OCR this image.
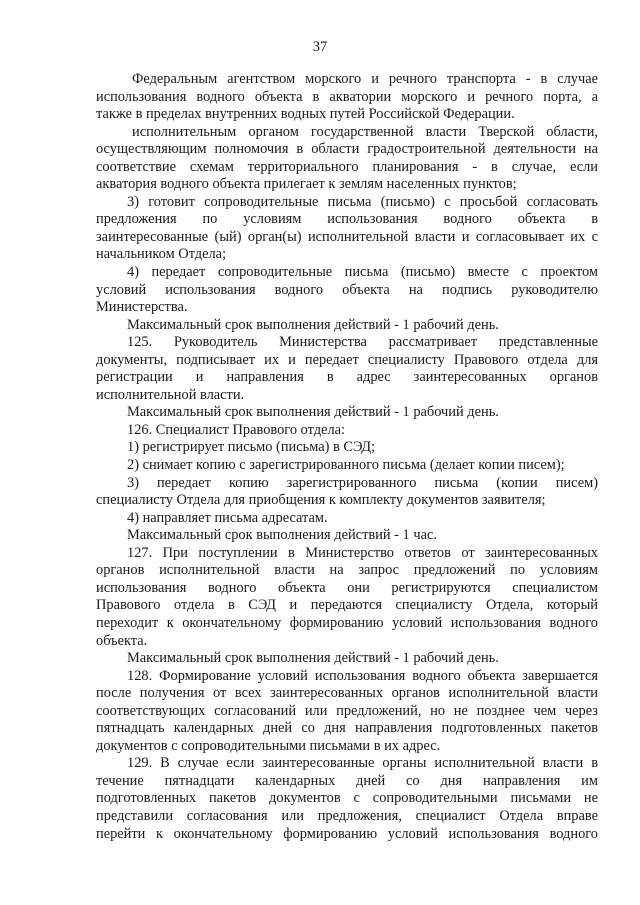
37
Федеральным агентством морского и речного транспорта - в случае
использования водного объекта в акватории морского и речного порта, а
также в пределах внутренних водных путей Российской Федерации.
исполнительным органом государственной власти Тверской области,
осуществляющим полномочия в области градостроительной деятельности на
соответствие схемам территориального планирования - в случае, если
акватория водного объекта прилегает к землям населенных пунктов;
3) готовит сопроводительные письма (письмо) с просьбой согласовать
предложения по условиям использования водного объекта в
заинтересованные (ый) орган(ы) исполнительной власти и согласовывает их с
начальником Отдела;
4) передает сопроводительные письма (письмо) вместе с проектом
условий использования водного объекта на подпись руководителю
Министерства.
Максимальный срок выполнения действий - 1 рабочий день.
125. Руководитель Министерства рассматривает представленные
документы, подписывает их и передает специалисту Правового отдела для
регистрации и направления в адрес заинтересованных органов
исполнительной власти.
Максимальный срок выполнения действий - 1 рабочий день.
126. Специалист Правового отдела:
1) регистрирует письмо (письма) в СЭД;
2) снимает копию с зарегистрированного письма (делает копии писем);
3) передает копию зарегистрированного письма (копии писем)
специалисту Отдела для приобщения к комплекту документов заявителя;
4) направляет письма адресатам.
Максимальный срок выполнения действий - 1 час.
127. При поступлении в Министерство ответов от заинтересованных
органов исполнительной власти на запрос предложений по условиям
использования водного объекта они регистрируются специалистом
Правового отдела в СЭД и передаются специалисту Отдела, который
переходит к окончательному формированию условий использования водного
объекта.
Максимальный срок выполнения действий - 1 рабочий день.
128. Формирование условий использования водного объекта завершается
после получения от всех заинтересованных органов исполнительной власти
соответствующих согласований или предложений, но не позднее чем через
пятнадцать календарных дней со дня направления подготовленных пакетов
документов с сопроводительными письмами в их адрес.
129. В случае если заинтересованные органы исполнительной власти в
течение пятнадцати календарных дней со дня направления им
подготовленных пакетов документов с сопроводительными письмами не
представили согласования или предложения, специалист Отдела вправе
перейти к окончательному формированию условий использования водного
